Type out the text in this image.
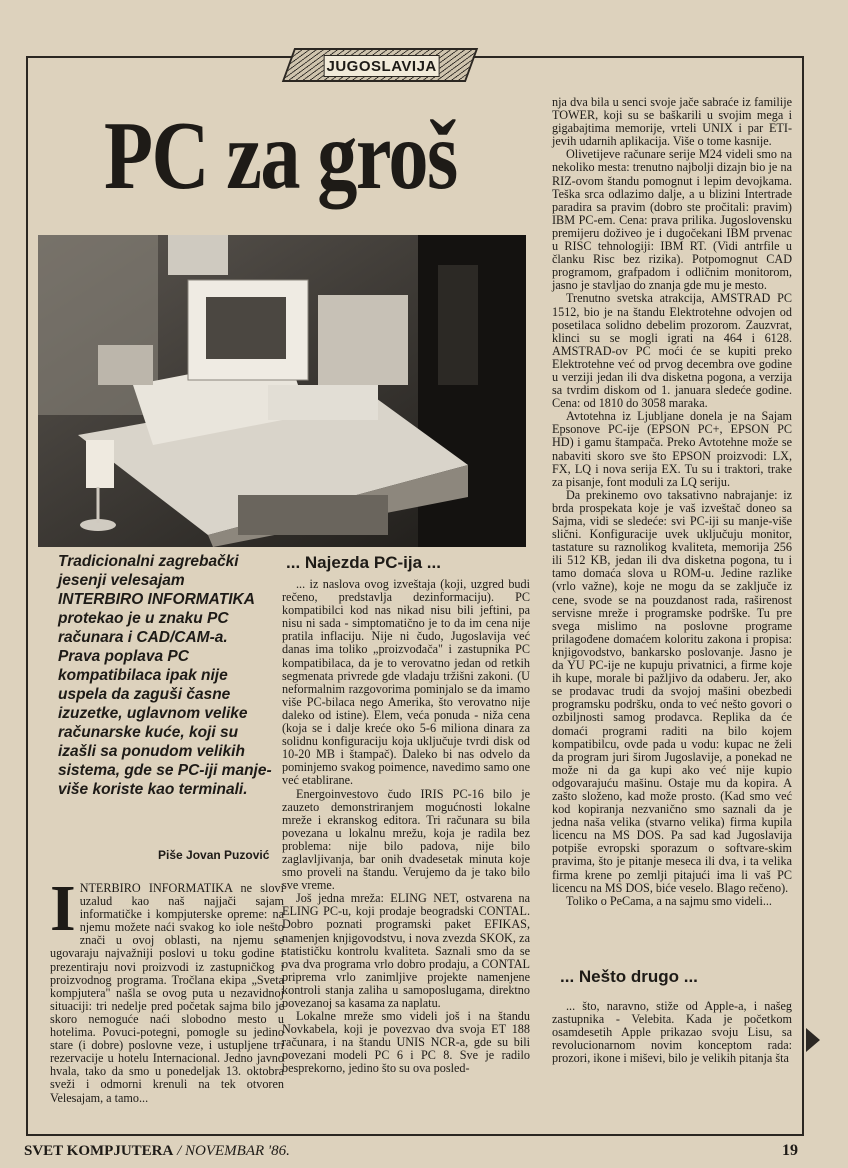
JUGOSLAVIJA
PC za groš
Tradicionalni zagrebački jesenji velesajam INTERBIRO INFORMATIKA protekao je u znaku PC računara i CAD/CAM-a. Prava poplava PC kompatibilaca ipak nije uspela da zaguši časne izuzetke, uglavnom velike računarske kuće, koji su izašli sa ponudom velikih sistema, gde se PC-iji manje-više koriste kao terminali.
Piše Jovan Puzović
I NTERBIRO INFORMATIKA ne slovi uzalud kao naš najjači sajam informatičke i kompjuterske opreme: na njemu možete naći svakog ko iole nešto znači u ovoj oblasti, na njemu se ugovaraju najvažniji poslovi u toku godine i prezentiraju novi proizvodi iz zastupničkog i proizvodnog programa. Tročlana ekipa „Sveta kompjutera" našla se ovog puta u nezavidnoj situaciji: tri nedelje pred početak sajma bilo je skoro nemoguće naći slobodno mesto u hotelima. Povuci-potegni, pomogle su jedino stare (i dobre) poslovne veze, i ustupljene tri rezervacije u hotelu Internacional. Jedno javno hvala, tako da smo u ponedeljak 13. oktobra sveži i odmorni krenuli na tek otvoren Velesajam, a tamo...
... Najezda PC-ija ...

... iz naslova ovog izveštaja (koji, uzgred budi rečeno, predstavlja dezinformaciju). PC kompatibilci kod nas nikad nisu bili jeftini, pa nisu ni sada - simptomatično je to da im cena nije pratila inflaciju. Nije ni čudo, Jugoslavija već danas ima toliko „proizvođača" i zastupnika PC kompatibilaca, da je to verovatno jedan od retkih segmenata privrede gde vladaju tržišni zakoni. (U neformalnim razgovorima pominjalo se da imamo više PC-bilaca nego Amerika, što verovatno nije daleko od istine). Elem, veća ponuda - niža cena (koja se i dalje kreće oko 5-6 miliona dinara za solidnu konfiguraciju koja uključuje tvrdi disk od 10-20 MB i štampač). Daleko bi nas odvelo da pominjemo svakog poimence, navedimo samo one već etablirane.

Energoinvestovo čudo IRIS PC-16 bilo je zauzeto demonstriranjem mogućnosti lokalne mreže i ekranskog editora. Tri računara su bila povezana u lokalnu mrežu, koja je radila bez problema: nije bilo padova, nije bilo zaglavljivanja, bar onih dvadesetak minuta koje smo proveli na štandu. Verujemo da je tako bilo sve vreme.

Još jedna mreža: ELING NET, ostvarena na ELING PC-u, koji prodaje beogradski CONTAL. Dobro poznati programski paket EFIKAS, namenjen knjigovodstvu, i nova zvezda SKOK, za statističku kontrolu kvaliteta. Saznali smo da se ova dva programa vrlo dobro prodaju, a CONTAL priprema vrlo zanimljive projekte namenjene kontroli stanja zaliha u samoposlugama, direktno povezanoj sa kasama za naplatu.

Lokalne mreže smo videli još i na štandu Novkabela, koji je povezvao dva svoja ET 188 računara, i na štandu UNIS NCR-a, gde su bili povezani modeli PC 6 i PC 8. Sve je radilo besprekorno, jedino što su ova posled-

nja dva bila u senci svoje jače sabraće iz familije TOWER, koji su se baškarili u svojim mega i gigabajtima memorije, vrteli UNIX i par ETI-jevih udarnih aplikacija. Više o tome kasnije.

Olivetijeve računare serije M24 videli smo na nekoliko mesta: trenutno najbolji dizajn bio je na RIZ-ovom štandu pomognut i lepim devojkama. Teška srca odlazimo dalje, a u blizini Intertrade paradira sa pravim (dobro ste pročitali: pravim) IBM PC-em. Cena: prava prilika. Jugoslovensku premijeru doživeo je i dugočekani IBM prvenac u RISC tehnologiji: IBM RT. (Vidi antrfile u članku Risc bez rizika). Potpomognut CAD programom, grafpadom i odličnim monitorom, jasno je stavljao do znanja gde mu je mesto.

Trenutno svetska atrakcija, AMSTRAD PC 1512, bio je na štandu Elektrotehne odvojen od posetilaca solidno debelim prozorom. Zauzvrat, klinci su se mogli igrati na 464 i 6128. AMSTRAD-ov PC moći će se kupiti preko Elektrotehne već od prvog decembra ove godine u verziji jedan ili dva disketna pogona, a verzija sa tvrdim diskom od 1. januara sledeće godine. Cena: od 1810 do 3058 maraka.

Avtotehna iz Ljubljane donela je na Sajam Epsonove PC-ije (EPSON PC+, EPSON PC HD) i gamu štampača. Preko Avtotehne može se nabaviti skoro sve što EPSON proizvodi: LX, FX, LQ i nova serija EX. Tu su i traktori, trake za pisanje, font moduli za LQ seriju.

Da prekinemo ovo taksativno nabrajanje: iz brda prospekata koje je vaš izveštač doneo sa Sajma, vidi se sledeće: svi PC-iji su manje-više slični. Konfiguracije uvek uključuju monitor, tastature su raznolikog kvaliteta, memorija 256 ili 512 KB, jedan ili dva disketna pogona, tu i tamo domaća slova u ROM-u. Jedine razlike (vrlo važne), koje ne mogu da se zaključe iz cene, svode se na pouzdanost rada, raširenost servisne mreže i programske podrške. Tu pre svega mislimo na poslovne programe prilagođene domaćem koloritu zakona i propisa: knjigovodstvo, bankarsko poslovanje. Jasno je da YU PC-ije ne kupuju privatnici, a firme koje ih kupe, morale bi pažljivo da odaberu. Jer, ako se prodavac trudi da svojoj mašini obezbedi programsku podršku, onda to već nešto govori o ozbiljnosti samog prodavca. Replika da će domaći programi raditi na bilo kojem kompatibilcu, ovde pada u vodu: kupac ne želi da program juri širom Jugoslavije, a ponekad ne može ni da ga kupi ako već nije kupio odgovarajuću mašinu. Ostaje mu da kopira. A zašto složeno, kad može prosto. (Kad smo već kod kopiranja nezvanično smo saznali da je jedna naša velika (stvarno velika) firma kupila licencu na MS DOS. Pa sad kad Jugoslavija potpiše evropski sporazum o softvare-skim pravima, što je pitanje meseca ili dva, i ta velika firma krene po zemlji pitajući ima li vaš PC licencu na MS DOS, biće veselo. Blago rečeno).

Toliko o PeCama, a na sajmu smo videli...

... Nešto drugo ...

... što, naravno, stiže od Apple-a, i našeg zastupnika - Velebita. Kada je početkom osamdesetih Apple prikazao svoju Lisu, sa revolucionarnom novim konceptom rada: prozori, ikone i miševi, bilo je velikih pitanja šta

SVET KOMPJUTERA / NOVEMBAR '86.	19
